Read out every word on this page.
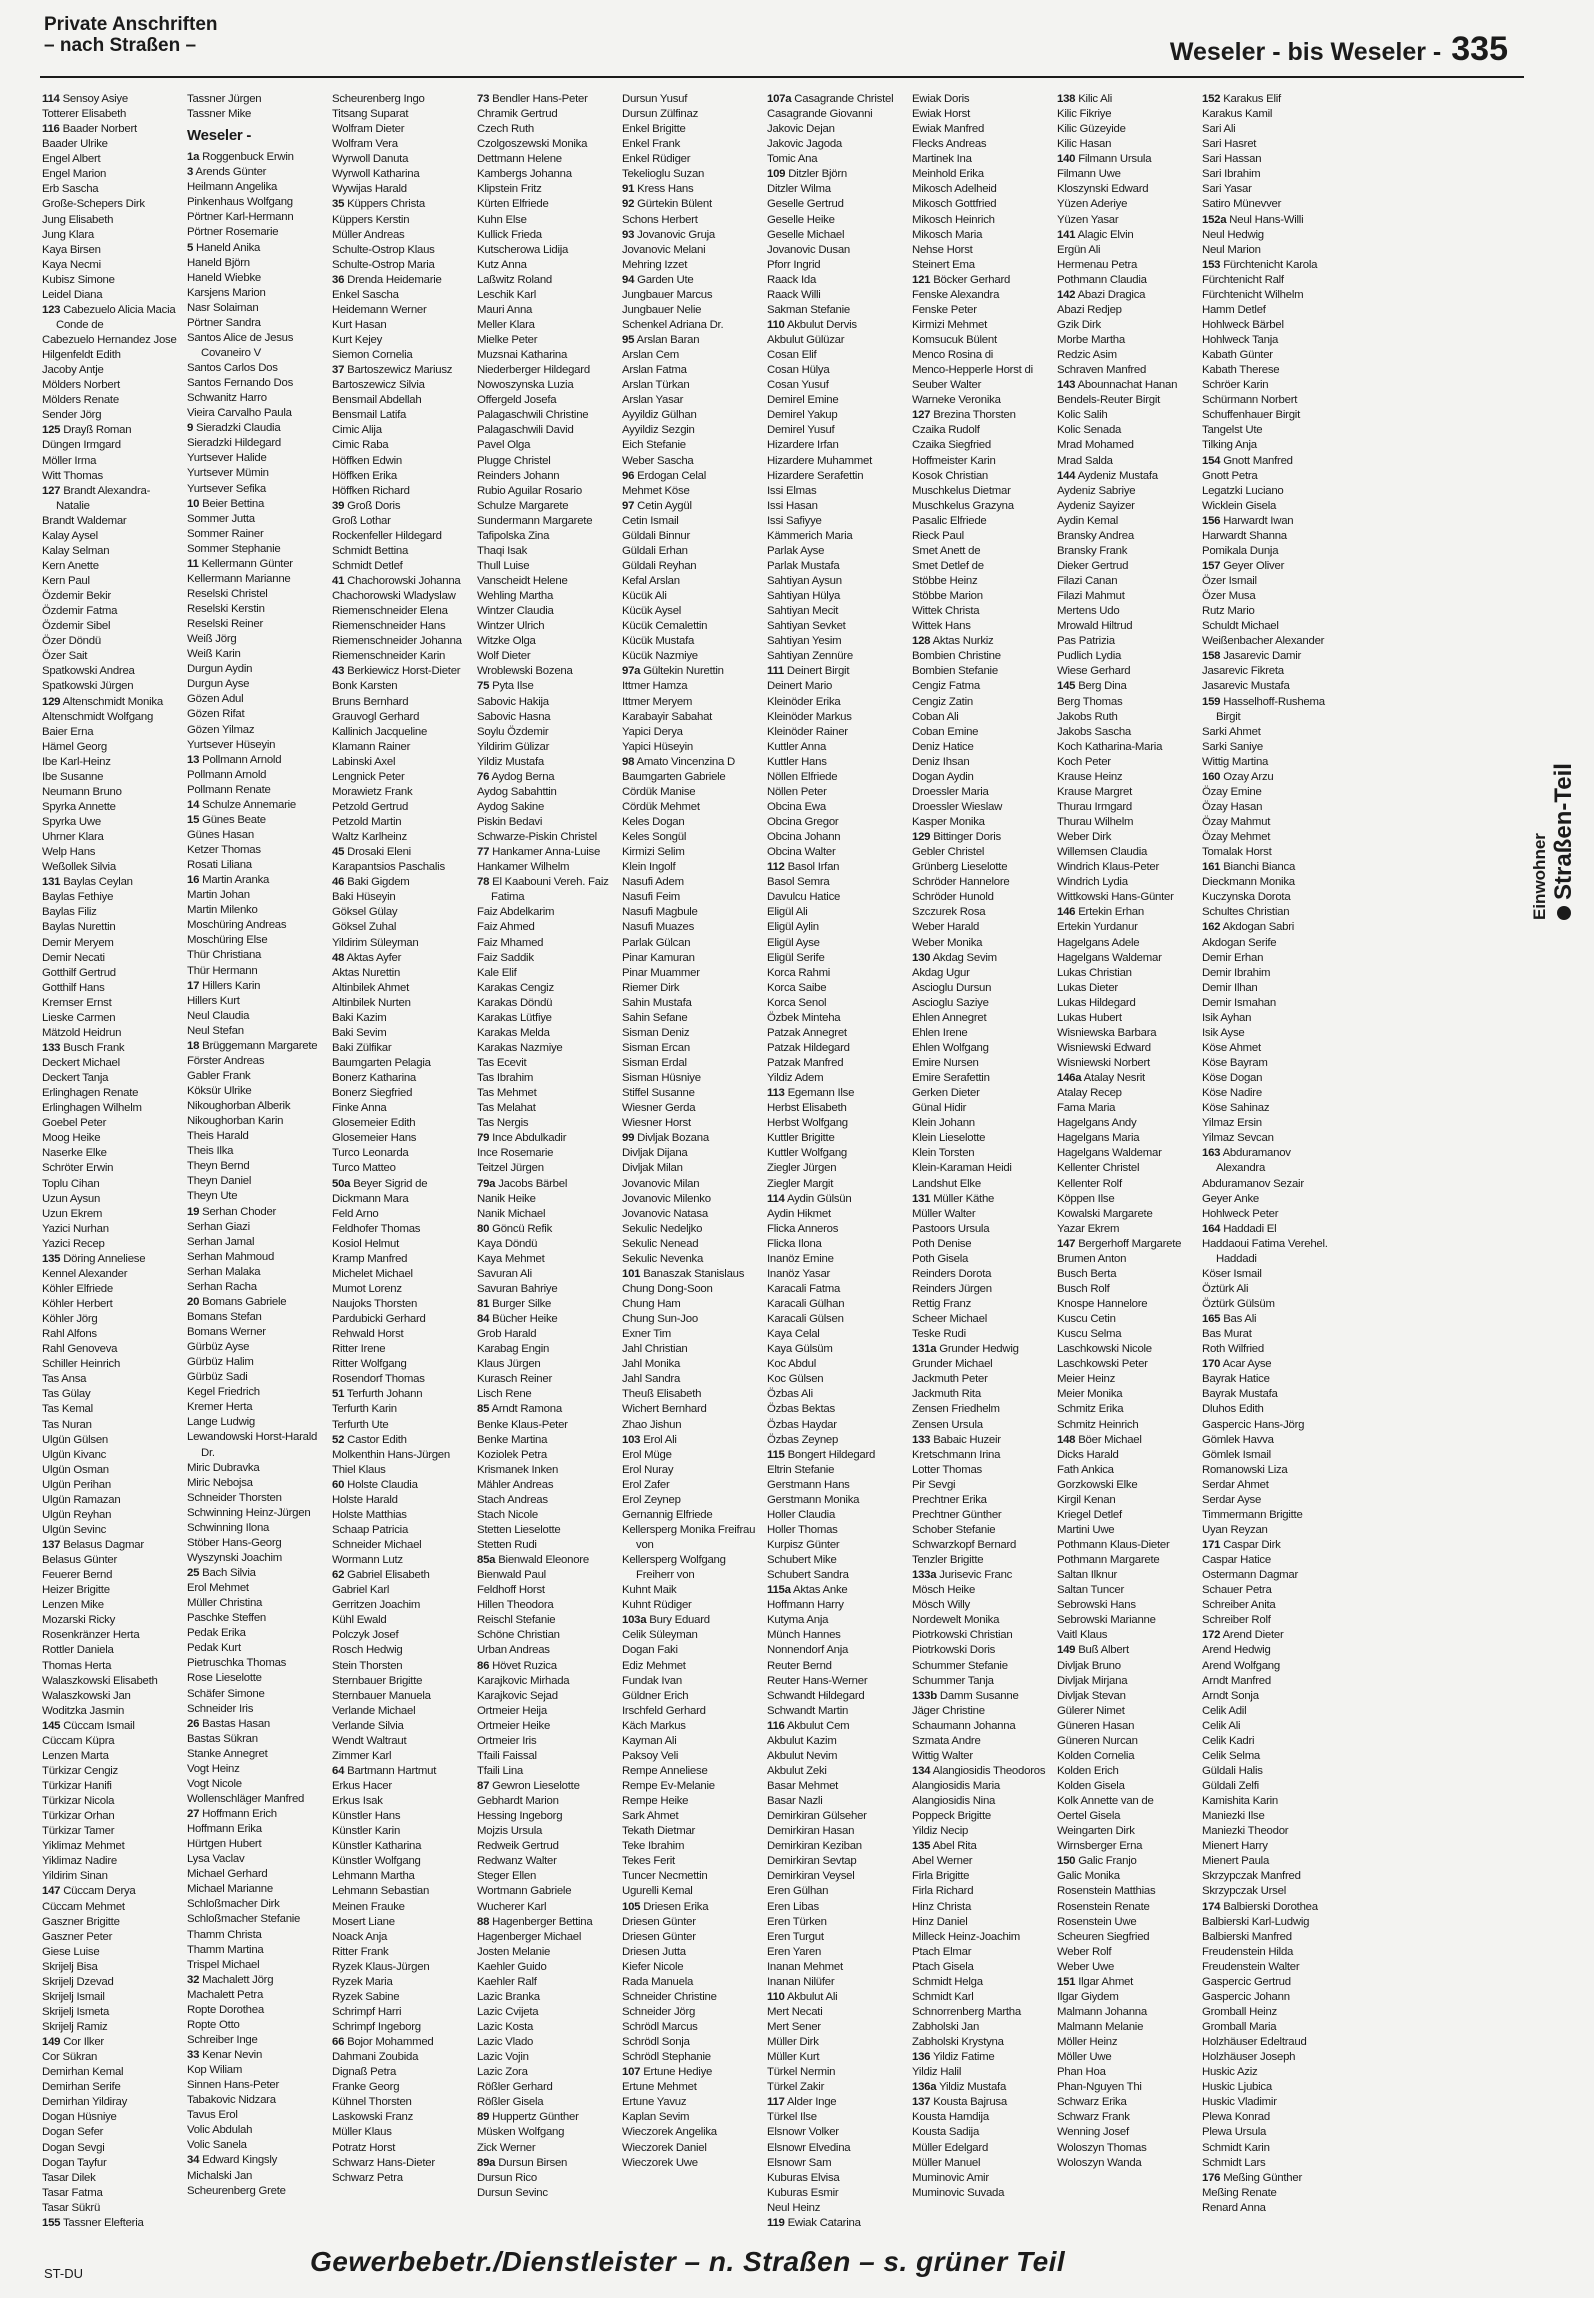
Private Anschriften
– nach Straßen –	Weseler - bis Weseler - 335
114 Sensoy Asiye
Totterer Elisabeth
116 Baader Norbert
Baader Ulrike
Engel Albert
Engel Marion
Erb Sascha
Große-Schepers Dirk
Jung Elisabeth
Jung Klara
Kaya Birsen
Kaya Necmi
Kubisz Simone
Leidel Diana
123 Cabezuelo Alicia Macia
Conde de
Cabezuelo Hernandez Jose
Hilgenfeldt Edith
Jacoby Antje
Mölders Norbert
Mölders Renate
Sender Jörg
125 Drayß Roman
Düngen Irmgard
Möller Irma
Witt Thomas
127 Brandt Alexandra-
Natalie
Brandt Waldemar
Kalay Aysel
Kalay Selman
Kern Anette
Kern Paul
Özdemir Bekir
Özdemir Fatma
Özdemir Sibel
Özer Döndü
Özer Sait
Spatkowski Andrea
Spatkowski Jürgen
129 Altenschmidt Monika
Altenschmidt Wolfgang
Baier Erna
Hämel Georg
Ibe Karl-Heinz
Ibe Susanne
Neumann Bruno
Spyrka Annette
Spyrka Uwe
Uhrner Klara
Welp Hans
Weßollek Silvia
131 Baylas Ceylan
Baylas Fethiye
Baylas Filiz
Baylas Nurettin
Demir Meryem
Demir Necati
Gotthilf Gertrud
Gotthilf Hans
Kremser Ernst
Lieske Carmen
Mätzold Heidrun
133 Busch Frank
Deckert Michael
Deckert Tanja
Erlinghagen Renate
Erlinghagen Wilhelm
Goebel Peter
Moog Heike
Naserke Elke
Schröter Erwin
Toplu Cihan
Uzun Aysun
Uzun Ekrem
Yazici Nurhan
Yazici Recep
135 Döring Anneliese
Kennel Alexander
Köhler Elfriede
Köhler Herbert
Köhler Jörg
Rahl Alfons
Rahl Genoveva
Schiller Heinrich
Tas Ansa
Tas Gülay
Tas Kemal
Tas Nuran
Ulgün Gülsen
Ulgün Kivanc
Ulgün Osman
Ulgün Perihan
Ulgün Ramazan
Ulgün Reyhan
Ulgün Sevinc
137 Belasus Dagmar
Belasus Günter
Feuerer Bernd
Heizer Brigitte
Lenzen Mike
Mozarski Ricky
Rosenkränzer Herta
Rottler Daniela
Thomas Herta
Walaszkowski Elisabeth
Walaszkowski Jan
Woditzka Jasmin
145 Cüccam Ismail
Cüccam Küpra
Lenzen Marta
Türkizar Cengiz
Türkizar Hanifi
Türkizar Nicola
Türkizar Orhan
Türkizar Tamer
Yiklimaz Mehmet
Yiklimaz Nadire
Yildirim Sinan
147 Cüccam Derya
Cüccam Mehmet
Gaszner Brigitte
Gaszner Peter
Giese Luise
Skrijelj Bisa
Skrijelj Dzevad
Skrijelj Ismail
Skrijelj Ismeta
Skrijelj Ramiz
149 Cor Ilker
Cor Sükran
Demirhan Kemal
Demirhan Serife
Demirhan Yildiray
Dogan Hüsniye
Dogan Sefer
Dogan Sevgi
Dogan Tayfur
Tasar Dilek
Tasar Fatma
Tasar Sükrü
155 Tassner Elefteria
Tassner Jürgen
Tassner Mike
Weseler -
1a Roggenbuck Erwin
3 Arends Günter
Heilmann Angelika
Pinkenhaus Wolfgang
Pörtner Karl-Hermann
Pörtner Rosemarie
5 Haneld Anika
Haneld Björn
Haneld Wiebke
Karsjens Marion
Nasr Solaiman
Pörtner Sandra
Santos Alice de Jesus
Covaneiro V
Santos Carlos Dos
Santos Fernando Dos
Schwanitz Harro
Vieira Carvalho Paula
9 Sieradzki Claudia
Sieradzki Hildegard
Yurtsever Halide
Yurtsever Mümin
Yurtsever Sefika
10 Beier Bettina
Sommer Jutta
Sommer Rainer
Sommer Stephanie
11 Kellermann Günter
Kellermann Marianne
Reselski Christel
Reselski Kerstin
Reselski Reiner
Weiß Jörg
Weiß Karin
Durgun Aydin
Durgun Ayse
Gözen Adul
Gözen Rifat
Gözen Yilmaz
Yurtsever Hüseyin
13 Pollmann Arnold
Pollmann Arnold
Pollmann Renate
14 Schulze Annemarie
15 Günes Beate
Günes Hasan
Ketzer Thomas
Rosati Liliana
16 Martin Aranka
Martin Johan
Martin Milenko
Moschüring Andreas
Moschüring Else
Thür Christiana
Thür Hermann
17 Hillers Karin
Hillers Kurt
Neul Claudia
Neul Stefan
18 Brüggemann Margarete
Förster Andreas
Gabler Frank
Köksür Ulrike
Nikoughorban Alberik
Nikoughorban Karin
Theis Harald
Theis Ilka
Theyn Bernd
Theyn Daniel
Theyn Ute
19 Serhan Choder
Serhan Giazi
Serhan Jamal
Serhan Mahmoud
Serhan Malaka
Serhan Racha
20 Bomans Gabriele
Bomans Stefan
Bomans Werner
Gürbüz Ayse
Gürbüz Halim
Gürbüz Sadi
Kegel Friedrich
Kremer Herta
Lange Ludwig
Lewandowski Horst-Harald
Dr.
Miric Dubravka
Miric Nebojsa
Schneider Thorsten
Schwinning Heinz-Jürgen
Schwinning Ilona
Stöber Hans-Georg
Wyszynski Joachim
25 Bach Silvia
Erol Mehmet
Müller Christina
Paschke Steffen
Pedak Erika
Pedak Kurt
Pietruschka Thomas
Rose Lieselotte
Schäfer Simone
Schneider Iris
26 Bastas Hasan
Bastas Sükran
Stanke Annegret
Vogt Heinz
Vogt Nicole
Wollenschläger Manfred
27 Hoffmann Erich
Hoffmann Erika
Hürtgen Hubert
Lysa Vaclav
Michael Gerhard
Michael Marianne
Schloßmacher Dirk
Schloßmacher Stefanie
Thamm Christa
Thamm Martina
Trispel Michael
32 Machalett Jörg
Machalett Petra
Ropte Dorothea
Ropte Otto
Schreiber Inge
33 Kenar Nevin
Kop Wiliam
Sinnen Hans-Peter
Tabakovic Nidzara
Tavus Erol
Volic Abdulah
Volic Sanela
34 Edward Kingsly
Michalski Jan
Scheurenberg Grete
Scheurenberg Ingo
Titsang Suparat
Wolfram Dieter
Wolfram Vera
Wyrwoll Danuta
Wyrwoll Katharina
Wywijas Harald
35 Küppers Christa
Küppers Kerstin
Müller Andreas
Schulte-Ostrop Klaus
Schulte-Ostrop Maria
36 Drenda Heidemarie
Enkel Sascha
Heidemann Werner
Kurt Hasan
Kurt Kejey
Siemon Cornelia
37 Bartoszewicz Mariusz
Bartoszewicz Silvia
Bensmail Abdellah
Bensmail Latifa
Cimic Alija
Cimic Raba
Höffken Edwin
Höffken Erika
Höffken Richard
39 Groß Doris
Groß Lothar
Rockenfeller Hildegard
Schmidt Bettina
Schmidt Detlef
41 Chachorowski Johanna
Chachorowski Wladyslaw
Riemenschneider Elena
Riemenschneider Hans
Riemenschneider Johanna
Riemenschneider Karin
43 Berkiewicz Horst-Dieter
Bonk Karsten
Bruns Bernhard
Grauvogl Gerhard
Kallinich Jacqueline
Klamann Rainer
Labinski Axel
Lengnick Peter
Morawietz Frank
Petzold Gertrud
Petzold Martin
Waltz Karlheinz
45 Drosaki Eleni
Karapantsios Paschalis
46 Baki Gigdem
Baki Hüseyin
Göksel Gülay
Göksel Zuhal
Yildirim Süleyman
48 Aktas Ayfer
Aktas Nurettin
Altinbilek Ahmet
Altinbilek Nurten
Baki Kazim
Baki Sevim
Baki Zülfikar
Baumgarten Pelagia
Bonerz Katharina
Bonerz Siegfried
Finke Anna
Glosemeier Edith
Glosemeier Hans
Turco Leonarda
Turco Matteo
50a Beyer Sigrid de
Dickmann Mara
Feld Arno
Feldhofer Thomas
Kosiol Helmut
Kramp Manfred
Michelet Michael
Mumot Lorenz
Naujoks Thorsten
Pardubicki Gerhard
Rehwald Horst
Ritter Irene
Ritter Wolfgang
Rosendorf Thomas
51 Terfurth Johann
Terfurth Karin
Terfurth Ute
52 Castor Edith
Molkenthin Hans-Jürgen
Thiel Klaus
60 Holste Claudia
Holste Harald
Holste Matthias
Schaap Patricia
Schneider Michael
Wormann Lutz
62 Gabriel Elisabeth
Gabriel Karl
Gerritzen Joachim
Kühl Ewald
Polczyk Josef
Rosch Hedwig
Stein Thorsten
Sternbauer Brigitte
Sternbauer Manuela
Verlande Michael
Verlande Silvia
Wendt Waltraut
Zimmer Karl
64 Bartmann Hartmut
Erkus Hacer
Erkus Isak
Künstler Hans
Künstler Karin
Künstler Katharina
Künstler Wolfgang
Lehmann Martha
Lehmann Sebastian
Meinen Frauke
Mosert Liane
Noack Anja
Ritter Frank
Ryzek Klaus-Jürgen
Ryzek Maria
Ryzek Sabine
Schrimpf Harri
Schrimpf Ingeborg
66 Bojor Mohammed
Dahmani Zoubida
Dignaß Petra
Franke Georg
Kühnel Thorsten
Laskowski Franz
Müller Klaus
Potratz Horst
Schwarz Hans-Dieter
Schwarz Petra
73 Bendler Hans-Peter
Chramik Gertrud
Czech Ruth
Czolgoszewski Monika
Dettmann Helene
Kambergs Johanna
Klipstein Fritz
Kürten Elfriede
Kuhn Else
Kullick Frieda
Kutscherowa Lidija
Kutz Anna
Laßwitz Roland
Leschik Karl
Mauri Anna
Meller Klara
Mielke Peter
Muzsnai Katharina
Niederberger Hildegard
Nowoszynska Luzia
Offergeld Josefa
Palagaschwili Christine
Palagaschwili David
Pavel Olga
Plugge Christel
Reinders Johann
Rubio Aguilar Rosario
Schulze Margarete
Sundermann Margarete
Tafipolska Zina
Thaqi Isak
Thull Luise
Vanscheidt Helene
Wehling Martha
Wintzer Claudia
Wintzer Ulrich
Witzke Olga
Wolf Dieter
Wroblewski Bozena
75 Pyta Ilse
Sabovic Hakija
Sabovic Hasna
Soylu Özdemir
Yildirim Gülizar
Yildiz Mustafa
76 Aydog Berna
Aydog Sabahttin
Aydog Sakine
Piskin Bedavi
Schwarze-Piskin Christel
77 Hankamer Anna-Luise
Hankamer Wilhelm
78 El Kaabouni Vereh. Faiz
Fatima
Faiz Abdelkarim
Faiz Ahmed
Faiz Mhamed
Faiz Saddik
Kale Elif
Karakas Cengiz
Karakas Döndü
Karakas Lütfiye
Karakas Melda
Karakas Nazmiye
Tas Ecevit
Tas Ibrahim
Tas Mehmet
Tas Melahat
Tas Nergis
79 Ince Abdulkadir
Ince Rosemarie
Teitzel Jürgen
79a Jacobs Bärbel
Nanik Heike
Nanik Michael
80 Göncü Refik
Kaya Döndü
Kaya Mehmet
Savuran Ali
Savuran Bahriye
81 Burger Silke
84 Bücher Heike
Grob Harald
Karabag Engin
Klaus Jürgen
Kurasch Reiner
Lisch Rene
85 Arndt Ramona
Benke Klaus-Peter
Benke Martina
Koziolek Petra
Krismanek Inken
Mähler Andreas
Stach Andreas
Stach Nicole
Stetten Lieselotte
Stetten Rudi
85a Bienwald Eleonore
Bienwald Paul
Feldhoff Horst
Hillen Theodora
Reischl Stefanie
Schöne Christian
Urban Andreas
86 Hövet Ruzica
Karajkovic Mirhada
Karajkovic Sejad
Ortmeier Heija
Ortmeier Heike
Ortmeier Iris
Tfaili Faissal
Tfaili Lina
87 Gewron Lieselotte
Gebhardt Marion
Hessing Ingeborg
Mojzis Ursula
Redweik Gertrud
Redwanz Walter
Steger Ellen
Wortmann Gabriele
Wucherer Karl
88 Hagenberger Bettina
Hagenberger Michael
Josten Melanie
Kaehler Guido
Kaehler Ralf
Lazic Branka
Lazic Cvijeta
Lazic Kosta
Lazic Vlado
Lazic Vojin
Lazic Zora
Rößler Gerhard
Rößler Gisela
89 Huppertz Günther
Müsken Wolfgang
Zick Werner
89a Dursun Birsen
Dursun Rico
Dursun Sevinc
Dursun Yusuf
Dursun Zülfinaz
Enkel Brigitte
Enkel Frank
Enkel Rüdiger
Tekelioglu Suzan
91 Kress Hans
92 Gürtekin Bülent
Schons Herbert
93 Jovanovic Gruja
Jovanovic Melani
Mehring Izzet
94 Garden Ute
Jungbauer Marcus
Jungbauer Nelie
Schenkel Adriana Dr.
95 Arslan Baran
Arslan Cem
Arslan Fatma
Arslan Türkan
Arslan Yasar
Ayyildiz Gülhan
Ayyildiz Sezgin
Eich Stefanie
Weber Sascha
96 Erdogan Celal
Mehmet Köse
97 Cetin Aygül
Cetin Ismail
Güldali Binnur
Güldali Erhan
Güldali Reyhan
Kefal Arslan
Kücük Ali
Kücük Aysel
Kücük Cemalettin
Kücük Mustafa
Kücük Nazmiye
97a Gültekin Nurettin
Ittmer Hamza
Ittmer Meryem
Karabayir Sabahat
Yapici Derya
Yapici Hüseyin
98 Amato Vincenzina D
Baumgarten Gabriele
Cördük Manise
Cördük Mehmet
Keles Dogan
Keles Songül
Kirmizi Selim
Klein Ingolf
Nasufi Adem
Nasufi Feim
Nasufi Magbule
Nasufi Muazes
Parlak Gülcan
Pinar Kamuran
Pinar Muammer
Riemer Dirk
Sahin Mustafa
Sahin Sefane
Sisman Deniz
Sisman Ercan
Sisman Erdal
Sisman Hüsniye
Stiffel Susanne
Wiesner Gerda
Wiesner Horst
99 Divljak Bozana
Divljak Dijana
Divljak Milan
Jovanovic Milan
Jovanovic Milenko
Jovanovic Natasa
Sekulic Nedeljko
Sekulic Nenead
Sekulic Nevenka
101 Banaszak Stanislaus
Chung Dong-Soon
Chung Ham
Chung Sun-Joo
Exner Tim
Jahl Christian
Jahl Monika
Jahl Sandra
Theuß Elisabeth
Wichert Bernhard
Zhao Jishun
103 Erol Ali
Erol Müge
Erol Nuray
Erol Zafer
Erol Zeynep
Gernannig Elfriede
Kellersperg Monika Freifrau
von
Kellersperg Wolfgang
Freiherr von
Kuhnt Maik
Kuhnt Rüdiger
103a Bury Eduard
Celik Süleyman
Dogan Faki
Ediz Mehmet
Fundak Ivan
Güldner Erich
Irschfeld Gerhard
Käch Markus
Kayman Ali
Paksoy Veli
Rempe Anneliese
Rempe Ev-Melanie
Rempe Heike
Sark Ahmet
Tekath Dietmar
Teke Ibrahim
Tekes Ferit
Tuncer Necmettin
Ugurelli Kemal
105 Driesen Erika
Driesen Günter
Driesen Günter
Driesen Jutta
Kiefer Nicole
Rada Manuela
Schneider Christine
Schneider Jörg
Schrödl Marcus
Schrödl Sonja
Schrödl Stephanie
107 Ertune Hediye
Ertune Mehmet
Ertune Yavuz
Kaplan Sevim
Wieczorek Angelika
Wieczorek Daniel
Wieczorek Uwe
107a Casagrande Christel
Casagrande Giovanni
Jakovic Dejan
Jakovic Jagoda
Tomic Ana
109 Ditzler Björn
Ditzler Wilma
Geselle Gertrud
Geselle Heike
Geselle Michael
Jovanovic Dusan
Pforr Ingrid
Raack Ida
Raack Willi
Sakman Stefanie
110 Akbulut Dervis
Akbulut Gülüzar
Cosan Elif
Cosan Hülya
Cosan Yusuf
Demirel Emine
Demirel Yakup
Demirel Yusuf
Hizardere Irfan
Hizardere Muhammet
Hizardere Serafettin
Issi Elmas
Issi Hasan
Issi Safiyye
Kämmerich Maria
Parlak Ayse
Parlak Mustafa
Sahtiyan Aysun
Sahtiyan Hülya
Sahtiyan Mecit
Sahtiyan Sevket
Sahtiyan Yesim
Sahtiyan Zennüre
111 Deinert Birgit
Deinert Mario
Kleinöder Erika
Kleinöder Markus
Kleinöder Rainer
Kuttler Anna
Kuttler Hans
Nöllen Elfriede
Nöllen Peter
Obcina Ewa
Obcina Gregor
Obcina Johann
Obcina Walter
112 Basol Irfan
Basol Semra
Davulcu Hatice
Eligül Ali
Eligül Aylin
Eligül Ayse
Eligül Serife
Korca Rahmi
Korca Saibe
Korca Senol
Özbek Minteha
Patzak Annegret
Patzak Hildegard
Patzak Manfred
Yildiz Adem
113 Egemann Ilse
Herbst Elisabeth
Herbst Wolfgang
Kuttler Brigitte
Kuttler Wolfgang
Ziegler Jürgen
Ziegler Margit
114 Aydin Gülsün
Aydin Hikmet
Flicka Anneros
Flicka Ilona
Inanöz Emine
Inanöz Yasar
Karacali Fatma
Karacali Gülhan
Karacali Gülsen
Kaya Celal
Kaya Gülsüm
Koc Abdul
Koc Gülsen
Özbas Ali
Özbas Bektas
Özbas Haydar
Özbas Zeynep
115 Bongert Hildegard
Eltrin Stefanie
Gerstmann Hans
Gerstmann Monika
Holler Claudia
Holler Thomas
Kurpisz Günter
Schubert Mike
Schubert Sandra
115a Aktas Anke
Hoffmann Harry
Kutyma Anja
Münch Hannes
Nonnendorf Anja
Reuter Bernd
Reuter Hans-Werner
Schwandt Hildegard
Schwandt Martin
116 Akbulut Cem
Akbulut Kazim
Akbulut Nevim
Akbulut Zeki
Basar Mehmet
Basar Nazli
Demirkiran Gülseher
Demirkiran Hasan
Demirkiran Keziban
Demirkiran Sevtap
Demirkiran Veysel
Eren Gülhan
Eren Libas
Eren Türken
Eren Turgut
Eren Yaren
Inanan Mehmet
Inanan Nilüfer
110 Akbulut Ali
Mert Necati
Mert Sener
Müller Dirk
Müller Kurt
Türkel Nermin
Türkel Zakir
117 Alder Inge
Türkel Ilse
Elsnowr Volker
Elsnowr Elvedina
Elsnowr Sam
Kuburas Elvisa
Kuburas Esmir
Neul Heinz
119 Ewiak Catarina
Ewiak Doris
Ewiak Horst
Ewiak Manfred
Flecks Andreas
Martinek Ina
Meinhold Erika
Mikosch Adelheid
Mikosch Gottfried
Mikosch Heinrich
Mikosch Maria
Nehse Horst
Steinert Ema
121 Böcker Gerhard
Fenske Alexandra
Fenske Peter
Kirmizi Mehmet
Komsucuk Bülent
Menco Rosina di
Menco-Hepperle Horst di
Seuber Walter
Warneke Veronika
127 Brezina Thorsten
Czaika Rudolf
Czaika Siegfried
Hoffmeister Karin
Kosok Christian
Muschkelus Dietmar
Muschkelus Grazyna
Pasalic Elfriede
Rieck Paul
Smet Anett de
Smet Detlef de
Stöbbe Heinz
Stöbbe Marion
Wittek Christa
Wittek Hans
128 Aktas Nurkiz
Bombien Christine
Bombien Stefanie
Cengiz Fatma
Cengiz Zatin
Coban Ali
Coban Emine
Deniz Hatice
Deniz Ihsan
Dogan Aydin
Droessler Maria
Droessler Wieslaw
Kasper Monika
129 Bittinger Doris
Gebler Christel
Grünberg Lieselotte
Schröder Hannelore
Schröder Hunold
Szczurek Rosa
Weber Harald
Weber Monika
130 Akdag Sevim
Akdag Ugur
Ascioglu Dursun
Ascioglu Saziye
Ehlen Annegret
Ehlen Irene
Ehlen Wolfgang
Emire Nursen
Emire Serafettin
Gerken Dieter
Günal Hidir
Klein Johann
Klein Lieselotte
Klein Torsten
Klein-Karaman Heidi
Landshut Elke
131 Müller Käthe
Müller Walter
Pastoors Ursula
Poth Denise
Poth Gisela
Reinders Dorota
Reinders Jürgen
Rettig Franz
Scheer Michael
Teske Rudi
131a Grunder Hedwig
Grunder Michael
Jackmuth Peter
Jackmuth Rita
Zensen Friedhelm
Zensen Ursula
133 Babaic Huzeir
Kretschmann Irina
Lotter Thomas
Pir Sevgi
Prechtner Erika
Prechtner Günther
Schober Stefanie
Schwarzkopf Bernard
Tenzler Brigitte
133a Jurisevic Franc
Mösch Heike
Mösch Willy
Nordewelt Monika
Piotrkowski Christian
Piotrkowski Doris
Schummer Stefanie
Schummer Tanja
133b Damm Susanne
Jäger Christine
Schaumann Johanna
Szmata Andre
Wittig Walter
134 Alangiosidis Theodoros
Alangiosidis Maria
Alangiosidis Nina
Poppeck Brigitte
Yildiz Necip
135 Abel Rita
Abel Werner
Firla Brigitte
Firla Richard
Hinz Christa
Hinz Daniel
Milleck Heinz-Joachim
Ptach Elmar
Ptach Gisela
Schmidt Helga
Schmidt Karl
Schnorrenberg Martha
Zabholski Jan
Zabholski Krystyna
136 Yildiz Fatime
Yildiz Halil
136a Yildiz Mustafa
137 Kousta Bajrusa
Kousta Hamdija
Kousta Sadija
Müller Edelgard
Müller Manuel
Muminovic Amir
Muminovic Suvada
138 Kilic Ali
Kilic Fikriye
Kilic Güzeyide
Kilic Hasan
140 Filmann Ursula
Filmann Uwe
Kloszynski Edward
Yüzen Aderiye
Yüzen Yasar
141 Alagic Elvin
Ergün Ali
Hermenau Petra
Pothmann Claudia
142 Abazi Dragica
Abazi Redjep
Gzik Dirk
Morbe Martha
Redzic Asim
Schraven Manfred
143 Abounnachat Hanan
Bendels-Reuter Birgit
Kolic Salih
Kolic Senada
Mrad Mohamed
Mrad Salda
144 Aydeniz Mustafa
Aydeniz Sabriye
Aydeniz Sayizer
Aydin Kemal
Bransky Andrea
Bransky Frank
Dieker Gertrud
Filazi Canan
Filazi Mahmut
Mertens Udo
Mrowald Hiltrud
Pas Patrizia
Pudlich Lydia
Wiese Gerhard
145 Berg Dina
Berg Thomas
Jakobs Ruth
Jakobs Sascha
Koch Katharina-Maria
Koch Peter
Krause Heinz
Krause Margret
Thurau Irmgard
Thurau Wilhelm
Weber Dirk
Willemsen Claudia
Windrich Klaus-Peter
Windrich Lydia
Wittkowski Hans-Günter
146 Ertekin Erhan
Ertekin Yurdanur
Hagelgans Adele
Hagelgans Waldemar
Lukas Christian
Lukas Dieter
Lukas Hildegard
Lukas Hubert
Wisniewska Barbara
Wisniewski Edward
Wisniewski Norbert
146a Atalay Nesrit
Atalay Recep
Fama Maria
Hagelgans Andy
Hagelgans Maria
Hagelgans Waldemar
Kellenter Christel
Kellenter Rolf
Köppen Ilse
Kowalski Margarete
Yazar Ekrem
147 Bergerhoff Margarete
Brumen Anton
Busch Berta
Busch Rolf
Knospe Hannelore
Kuscu Cetin
Kuscu Selma
Laschkowski Nicole
Laschkowski Peter
Meier Heinz
Meier Monika
Schmitz Erika
Schmitz Heinrich
148 Böer Michael
Dicks Harald
Fath Ankica
Gorzkowski Elke
Kirgil Kenan
Kriegel Detlef
Martini Uwe
Pothmann Klaus-Dieter
Pothmann Margarete
Saltan Ilknur
Saltan Tuncer
Sebrowski Hans
Sebrowski Marianne
Vaitl Klaus
149 Buß Albert
Divljak Bruno
Divljak Mirjana
Divljak Stevan
Gülerer Nimet
Güneren Hasan
Güneren Nurcan
Kolden Cornelia
Kolden Erich
Kolden Gisela
Kolk Annette van de
Oertel Gisela
Weingarten Dirk
Wirnsberger Erna
150 Galic Franjo
Galic Monika
Rosenstein Matthias
Rosenstein Renate
Rosenstein Uwe
Scheuren Siegfried
Weber Rolf
Weber Uwe
151 Ilgar Ahmet
Ilgar Giydem
Malmann Johanna
Malmann Melanie
Möller Heinz
Möller Uwe
Phan Hoa
Phan-Nguyen Thi
Schwarz Erika
Schwarz Frank
Wenning Josef
Woloszyn Thomas
Woloszyn Wanda
152 Karakus Elif
Karakus Kamil
Sari Ali
Sari Hasret
Sari Hassan
Sari Ibrahim
Sari Yasar
Satiro Münevver
152a Neul Hans-Willi
Neul Hedwig
Neul Marion
153 Fürchtenicht Karola
Fürchtenicht Ralf
Fürchtenicht Wilhelm
Hamm Detlef
Hohlweck Bärbel
Hohlweck Tanja
Kabath Günter
Kabath Therese
Schröer Karin
Schürmann Norbert
Schuffenhauer Birgit
Tangelst Ute
Tilking Anja
154 Gnott Manfred
Gnott Petra
Legatzki Luciano
Wicklein Gisela
156 Harwardt Iwan
Harwardt Shanna
Pomikala Dunja
157 Geyer Oliver
Özer Ismail
Özer Musa
Rutz Mario
Schuldt Michael
Weißenbacher Alexander
158 Jasarevic Damir
Jasarevic Fikreta
Jasarevic Mustafa
159 Hasselhoff-Rushema
Birgit
Sarki Ahmet
Sarki Saniye
Wittig Martina
160 Ozay Arzu
Özay Emine
Özay Hasan
Özay Mahmut
Özay Mehmet
Tomalak Horst
161 Bianchi Bianca
Dieckmann Monika
Kuczynska Dorota
Schultes Christian
162 Akdogan Sabri
Akdogan Serife
Demir Erhan
Demir Ibrahim
Demir Ilhan
Demir Ismahan
Isik Ayhan
Isik Ayse
Köse Ahmet
Köse Bayram
Köse Dogan
Köse Nadire
Köse Sahinaz
Yilmaz Ersin
Yilmaz Sevcan
163 Abduramanov
Alexandra
Abduramanov Sezair
Geyer Anke
Hohlweck Peter
164 Haddadi El
Haddaoui Fatima Verehel.
Haddadi
Köser Ismail
Öztürk Ali
Öztürk Gülsüm
165 Bas Ali
Bas Murat
Roth Wilfried
170 Acar Ayse
Bayrak Hatice
Bayrak Mustafa
Dluhos Edith
Gaspercic Hans-Jörg
Gömlek Havva
Gömlek Ismail
Romanowski Liza
Serdar Ahmet
Serdar Ayse
Timmermann Brigitte
Uyan Reyzan
171 Caspar Dirk
Caspar Hatice
Ostermann Dagmar
Schauer Petra
Schreiber Anita
Schreiber Rolf
172 Arend Dieter
Arend Hedwig
Arend Wolfgang
Arndt Manfred
Arndt Sonja
Celik Adil
Celik Ali
Celik Kadri
Celik Selma
Güldali Halis
Güldali Zelfi
Kamishita Karin
Maniezki Ilse
Maniezki Theodor
Mienert Harry
Mienert Paula
Skrzypczak Manfred
Skrzypczak Ursel
174 Balbierski Dorothea
Balbierski Karl-Ludwig
Balbierski Manfred
Freudenstein Hilda
Freudenstein Walter
Gaspercic Gertrud
Gaspercic Johann
Gromball Heinz
Gromball Maria
Holzhäuser Edeltraud
Holzhäuser Joseph
Huskic Aziz
Huskic Ljubica
Huskic Vladimir
Plewa Konrad
Plewa Ursula
Schmidt Karin
Schmidt Lars
176 Meßing Günther
Meßing Renate
Renard Anna
Einwohner Straßen-Teil
ST-DU	Gewerbebetr./Dienstleister – n. Straßen – s. grüner Teil
